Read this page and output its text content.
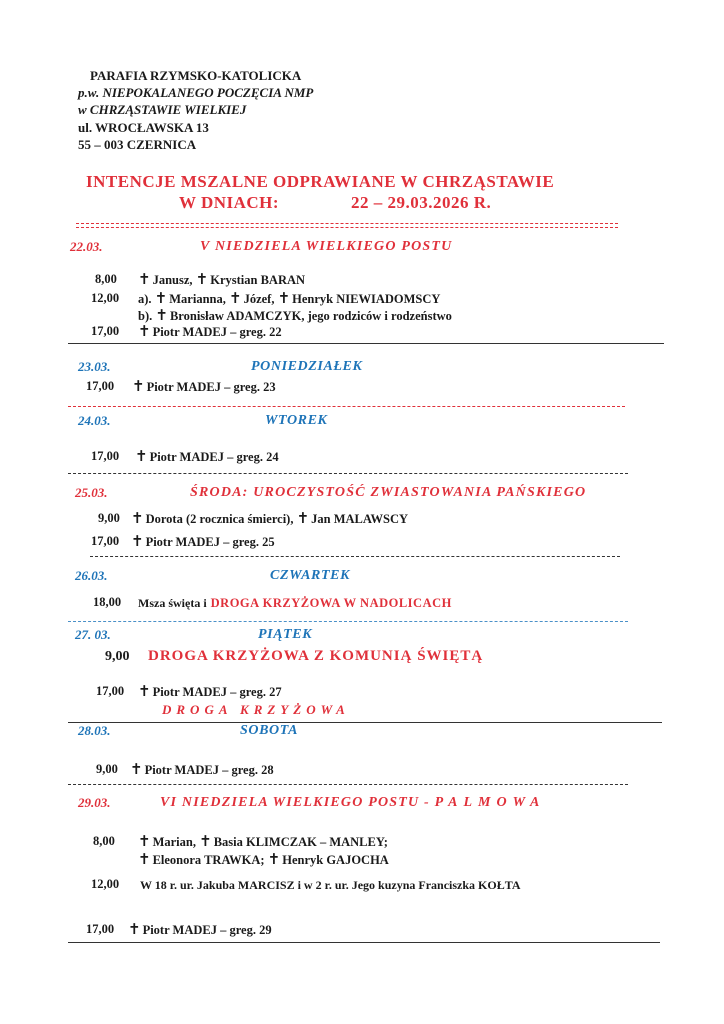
PARAFIA RZYMSKO-KATOLICKA
p.w. NIEPOKALANEGO POCZĘCIA NMP
w CHRZĄSTAWIE WIELKIEJ
ul. WROCŁAWSKA 13
55 – 003 CZERNICA
INTENCJE MSZALNE ODPRAWIANE W CHRZĄSTAWIE
W DNIACH:	22 – 29.03.2026 R.
22.03.	V NIEDZIELA WIELKIEGO POSTU
8,00 ✝ Janusz, ✝ Krystian BARAN
12,00 a). ✝ Marianna, ✝ Józef, ✝ Henryk NIEWIADOMSCY
b). ✝ Bronisław ADAMCZYK, jego rodziców i rodzeństwo
17,00 ✝ Piotr MADEJ – greg. 22
23.03.	PONIEDZIAŁEK
17,00 ✝ Piotr MADEJ – greg. 23
24.03.	WTOREK
17,00 ✝ Piotr MADEJ – greg. 24
25.03.	ŚRODA: UROCZYSTOŚĆ ZWIASTOWANIA PAŃSKIEGO
9,00 ✝ Dorota (2 rocznica śmierci), ✝ Jan MALAWSCY
17,00 ✝ Piotr MADEJ – greg. 25
26.03.	CZWARTEK
18,00 Msza święta i DROGA KRZYŻOWA W NADOLICACH
27. 03.	PIĄTEK
9,00 DROGA KRZYŻOWA Z KOMUNIĄ ŚWIĘTĄ
17,00 ✝ Piotr MADEJ – greg. 27
DROGA KRZYŻOWA
28.03.	SOBOTA
9,00 ✝ Piotr MADEJ – greg. 28
29.03.	VI NIEDZIELA WIELKIEGO POSTU - PALMOWA
8,00 ✝ Marian, ✝ Basia KLIMCZAK – MANLEY;
✝ Eleonora TRAWKA; ✝ Henryk GAJOCHA
12,00 W 18 r. ur. Jakuba MARCISZ i w 2 r. ur. Jego kuzyna Franciszka KOŁTA
17,00 ✝ Piotr MADEJ – greg. 29
